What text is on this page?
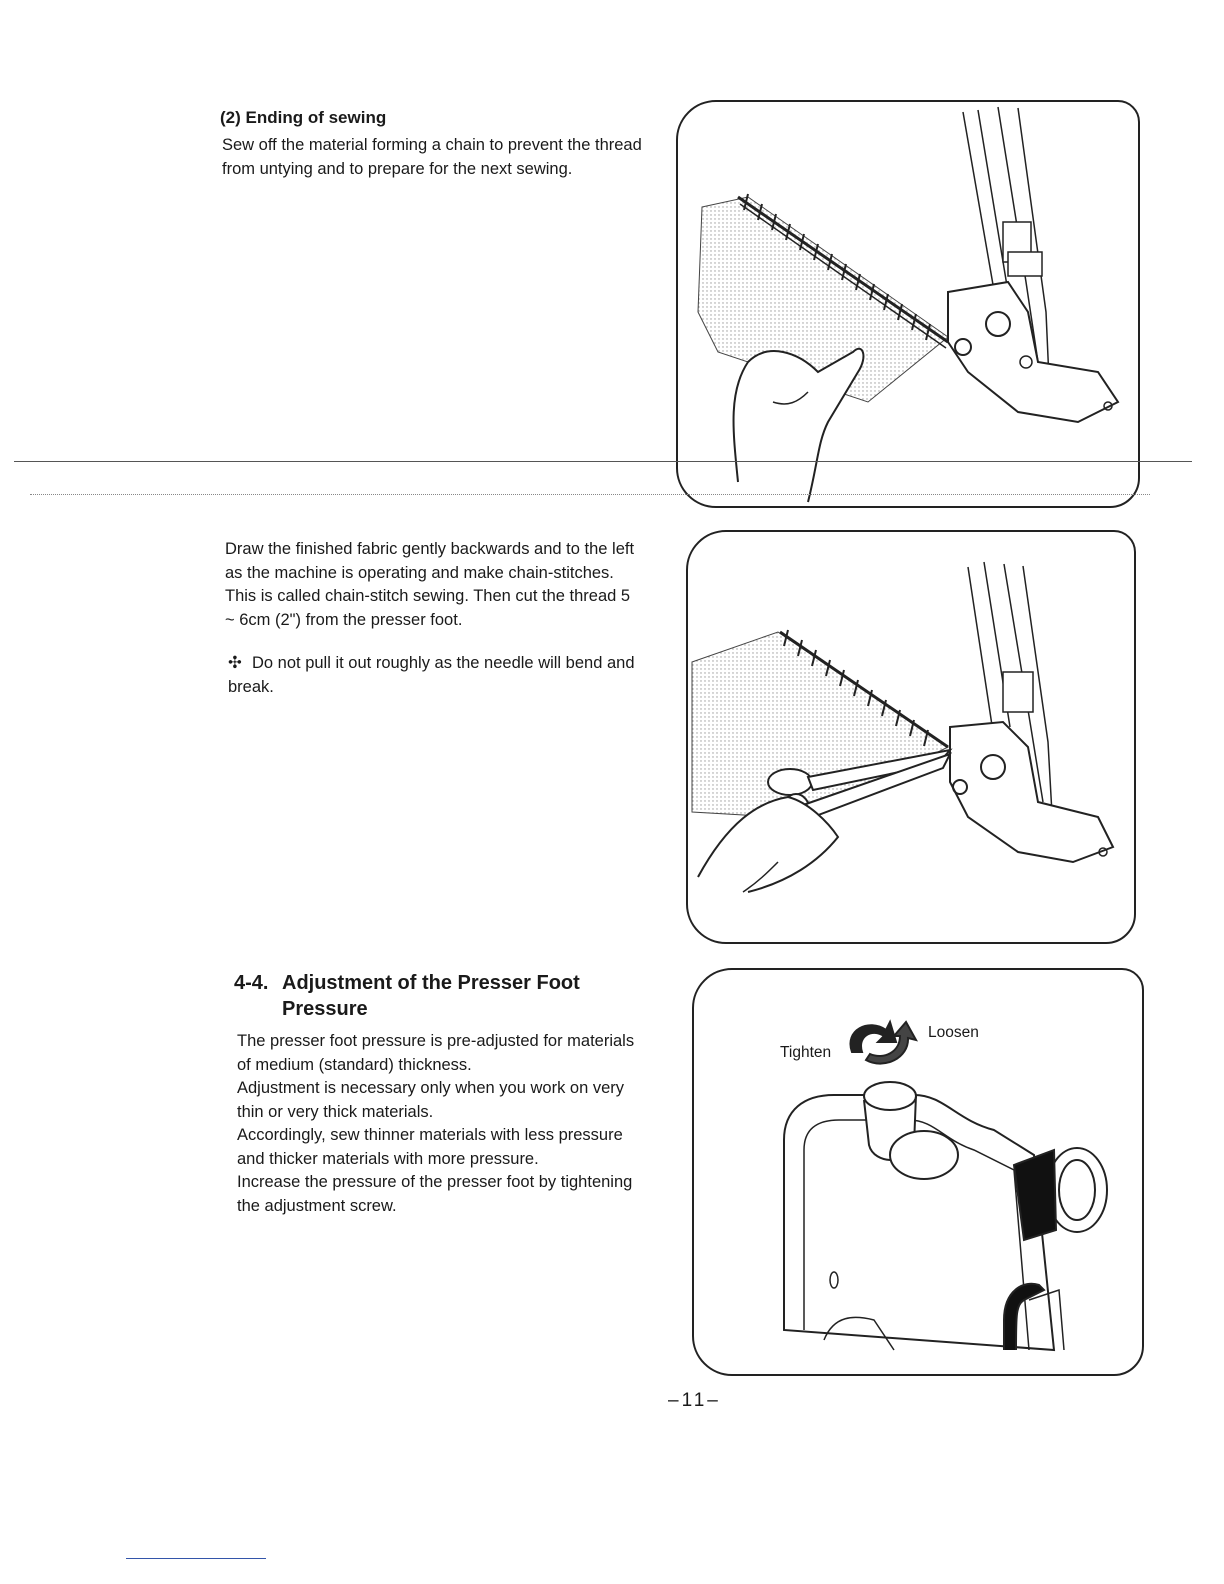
(2) Ending of sewing
Sew off the material forming a chain to prevent the thread from untying and to prepare for the next sewing.
Draw the finished fabric gently backwards and to the left as the machine is operating and make chain-stitches. This is called chain-stitch sewing. Then cut the thread 5 ~ 6cm (2") from the presser foot.
✣ Do not pull it out roughly as the needle will bend and break.
4-4. Adjustment of the Presser Foot
Pressure
The presser foot pressure is pre-adjusted for materials of medium (standard) thickness.
Adjustment is necessary only when you work on very thin or very thick materials.
Accordingly, sew thinner materials with less pressure and thicker materials with more pressure.
Increase the pressure of the presser foot by tightening the adjustment screw.
Tighten
Loosen
–11–
